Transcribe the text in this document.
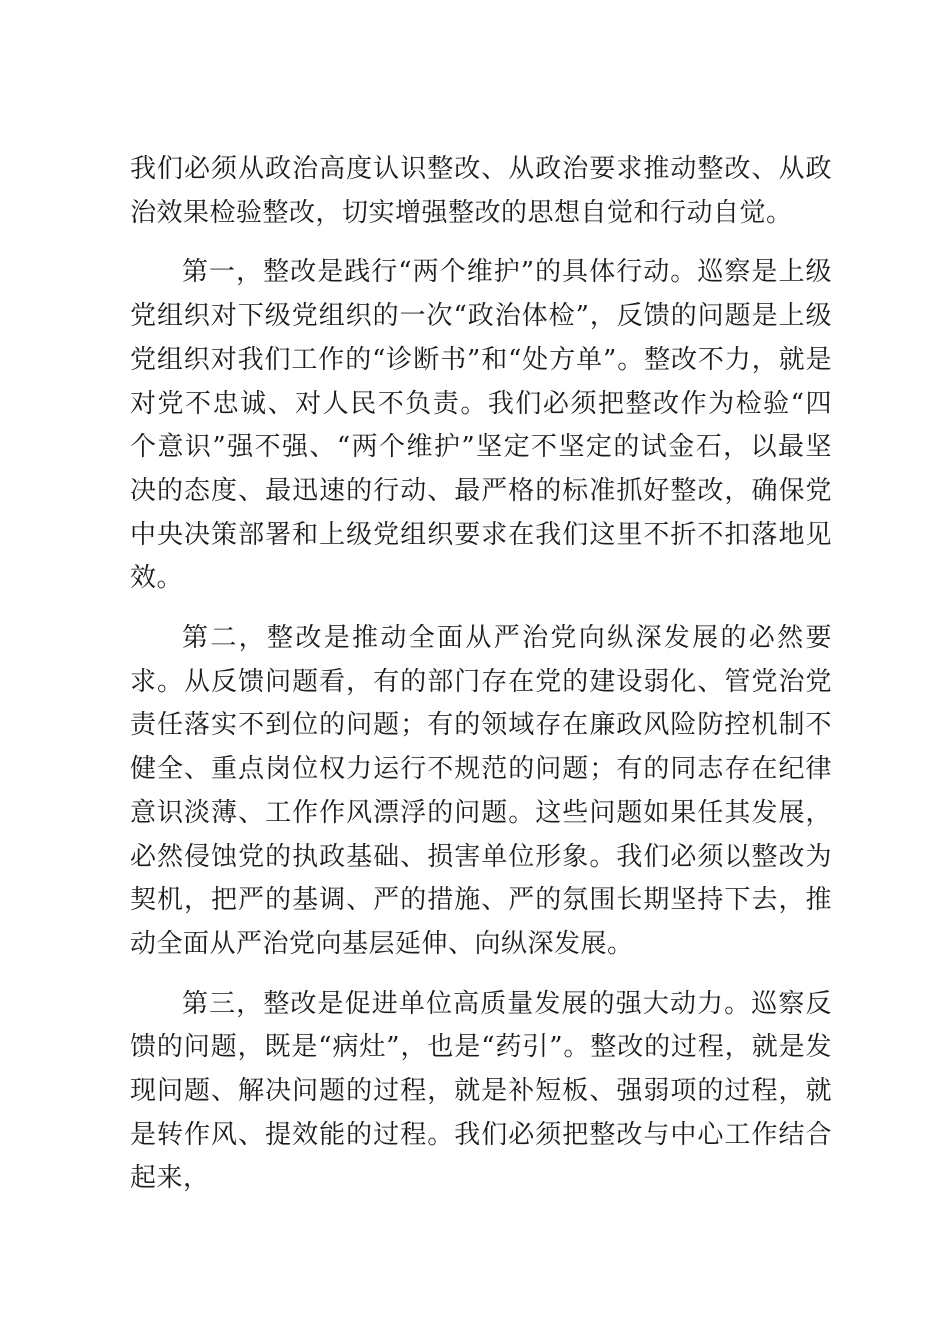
我们必须从政治高度认识整改、从政治要求推动整改、从政治效果检验整改，切实增强整改的思想自觉和行动自觉。

第一，整改是践行“两个维护”的具体行动。巡察是上级党组织对下级党组织的一次“政治体检”，反馈的问题是上级党组织对我们工作的“诊断书”和“处方单”。整改不力，就是对党不忠诚、对人民不负责。我们必须把整改作为检验“四个意识”强不强、“两个维护”坚定不坚定的试金石，以最坚决的态度、最迅速的行动、最严格的标准抓好整改，确保党中央决策部署和上级党组织要求在我们这里不折不扣落地见效。

第二，整改是推动全面从严治党向纵深发展的必然要求。从反馈问题看，有的部门存在党的建设弱化、管党治党责任落实不到位的问题；有的领域存在廉政风险防控机制不健全、重点岗位权力运行不规范的问题；有的同志存在纪律意识淡薄、工作作风漂浮的问题。这些问题如果任其发展，必然侵蚀党的执政基础、损害单位形象。我们必须以整改为契机，把严的基调、严的措施、严的氛围长期坚持下去，推动全面从严治党向基层延伸、向纵深发展。

第三，整改是促进单位高质量发展的强大动力。巡察反馈的问题，既是“病灶”，也是“药引”。整改的过程，就是发现问题、解决问题的过程，就是补短板、强弱项的过程，就是转作风、提效能的过程。我们必须把整改与中心工作结合起来，
